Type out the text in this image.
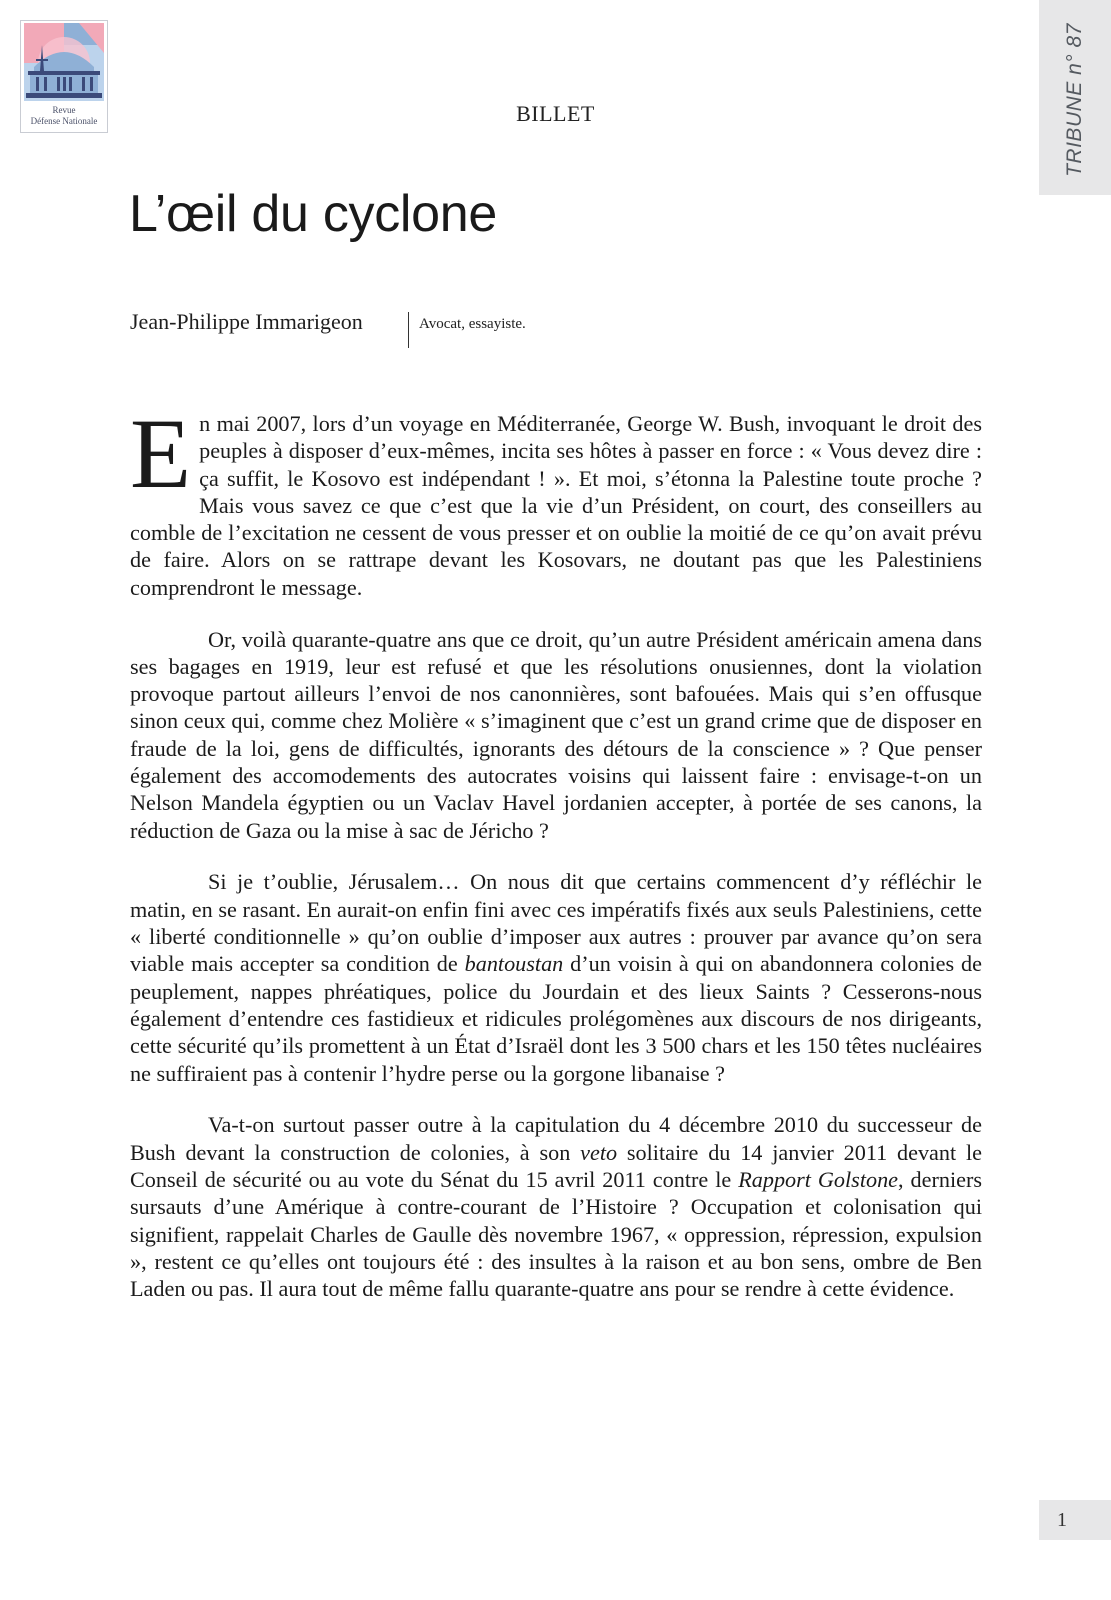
Revue
Défense Nationale	TRIBUNE n° 87
BILLET
L’œil du cyclone
Jean-Philippe Immarigeon	Avocat, essayiste.

En mai 2007, lors d’un voyage en Méditerranée, George W. Bush, invoquant le droit des peuples à disposer d’eux-mêmes, incita ses hôtes à passer en force : « Vous devez dire : ça suffit, le Kosovo est indépendant ! ». Et moi, s’étonna la Palestine toute proche ? Mais vous savez ce que c’est que la vie d’un Président, on court, des conseillers au comble de l’excitation ne cessent de vous presser et on oublie la moitié de ce qu’on avait prévu de faire. Alors on se rattrape devant les Kosovars, ne doutant pas que les Palestiniens comprendront le message.

Or, voilà quarante-quatre ans que ce droit, qu’un autre Président américain amena dans ses bagages en 1919, leur est refusé et que les résolutions onusiennes, dont la violation provoque partout ailleurs l’envoi de nos canonnières, sont bafouées. Mais qui s’en offusque sinon ceux qui, comme chez Molière « s’imaginent que c’est un grand crime que de disposer en fraude de la loi, gens de difficultés, ignorants des détours de la conscience » ? Que penser également des accomodements des autocrates voisins qui laissent faire : envisage-t-on un Nelson Mandela égyptien ou un Vaclav Havel jordanien accepter, à portée de ses canons, la réduction de Gaza ou la mise à sac de Jéricho ?

Si je t’oublie, Jérusalem… On nous dit que certains commencent d’y réfléchir le matin, en se rasant. En aurait-on enfin fini avec ces impératifs fixés aux seuls Palestiniens, cette « liberté conditionnelle » qu’on oublie d’imposer aux autres : prouver par avance qu’on sera viable mais accepter sa condition de bantoustan d’un voisin à qui on abandonnera colonies de peuplement, nappes phréatiques, police du Jourdain et des lieux Saints ? Cesserons-nous également d’entendre ces fastidieux et ridicules prolégomènes aux discours de nos dirigeants, cette sécurité qu’ils promettent à un État d’Israël dont les 3 500 chars et les 150 têtes nucléaires ne suffiraient pas à contenir l’hydre perse ou la gorgone libanaise ?

Va-t-on surtout passer outre à la capitulation du 4 décembre 2010 du successeur de Bush devant la construction de colonies, à son veto solitaire du 14 janvier 2011 devant le Conseil de sécurité ou au vote du Sénat du 15 avril 2011 contre le Rapport Golstone, derniers sursauts d’une Amérique à contre-courant de l’Histoire ? Occupation et colonisation qui signifient, rappelait Charles de Gaulle dès novembre 1967, « oppression, répression, expulsion », restent ce qu’elles ont toujours été : des insultes à la raison et au bon sens, ombre de Ben Laden ou pas. Il aura tout de même fallu quarante-quatre ans pour se rendre à cette évidence.

1
